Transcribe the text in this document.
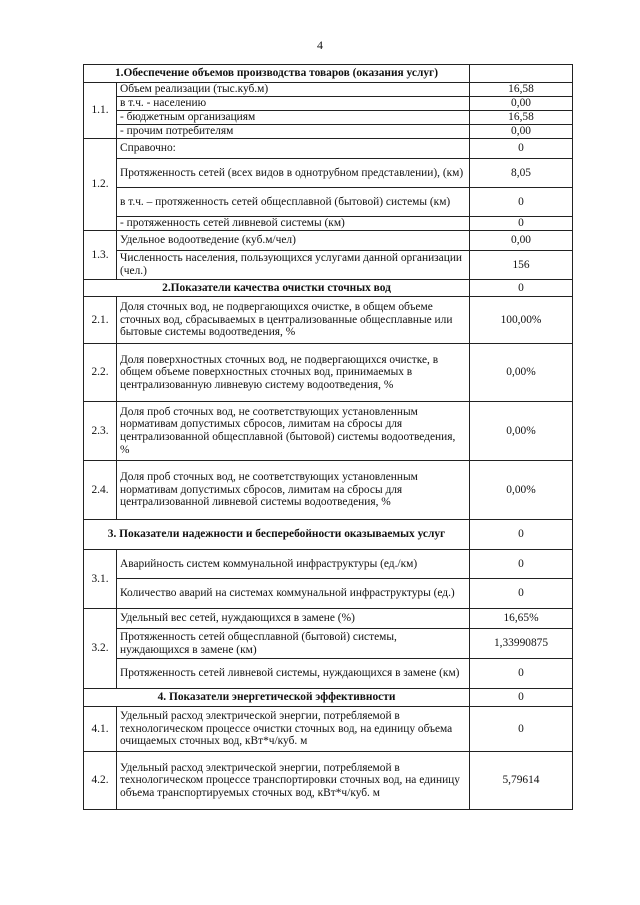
4
1.Обеспечение объемов производства товаров (оказания услуг)		
1.1.	Объем реализации (тыс.куб.м)	16,58
	в т.ч. - населению	0,00
	- бюджетным организациям	16,58
	- прочим потребителям	0,00
1.2.	Справочно:	0
	Протяженность сетей (всех видов в однотрубном представлении), (км)	8,05
	в т.ч. – протяженность сетей общесплавной (бытовой) системы (км)	0
	- протяженность сетей ливневой системы (км)	0
1.3.	Удельное водоотведение (куб.м/чел)	0,00
	Численность населения, пользующихся услугами данной организации (чел.)	156
2.Показатели качества очистки сточных вод		0
2.1.	Доля сточных вод, не подвергающихся очистке, в общем объеме сточных вод, сбрасываемых в централизованные общесплавные или бытовые системы водоотведения, %	100,00%
2.2.	Доля поверхностных сточных вод, не подвергающихся очистке, в общем объеме поверхностных сточных вод, принимаемых в централизованную ливневую систему водоотведения, %	0,00%
2.3.	Доля проб сточных вод, не соответствующих установленным нормативам допустимых сбросов, лимитам на сбросы для централизованной общесплавной (бытовой) системы водоотведения, %	0,00%
2.4.	Доля проб сточных вод, не соответствующих установленным нормативам допустимых сбросов, лимитам на сбросы для централизованной ливневой системы водоотведения, %	0,00%
3. Показатели надежности и бесперебойности оказываемых услуг		0
3.1.	Аварийность систем коммунальной инфраструктуры (ед./км)	0
	Количество аварий на системах коммунальной инфраструктуры (ед.)	0
3.2.	Удельный вес сетей, нуждающихся в замене (%)	16,65%
	Протяженность сетей общесплавной (бытовой) системы, нуждающихся в замене (км)	1,33990875
	Протяженность сетей ливневой системы, нуждающихся в замене (км)	0
4. Показатели энергетической эффективности		0
4.1.	Удельный расход электрической энергии, потребляемой в технологическом процессе очистки сточных вод, на единицу объема очищаемых сточных вод, кВт*ч/куб. м	0
4.2.	Удельный расход электрической энергии, потребляемой в технологическом процессе транспортировки сточных вод, на единицу объема транспортируемых сточных вод, кВт*ч/куб. м	5,79614
